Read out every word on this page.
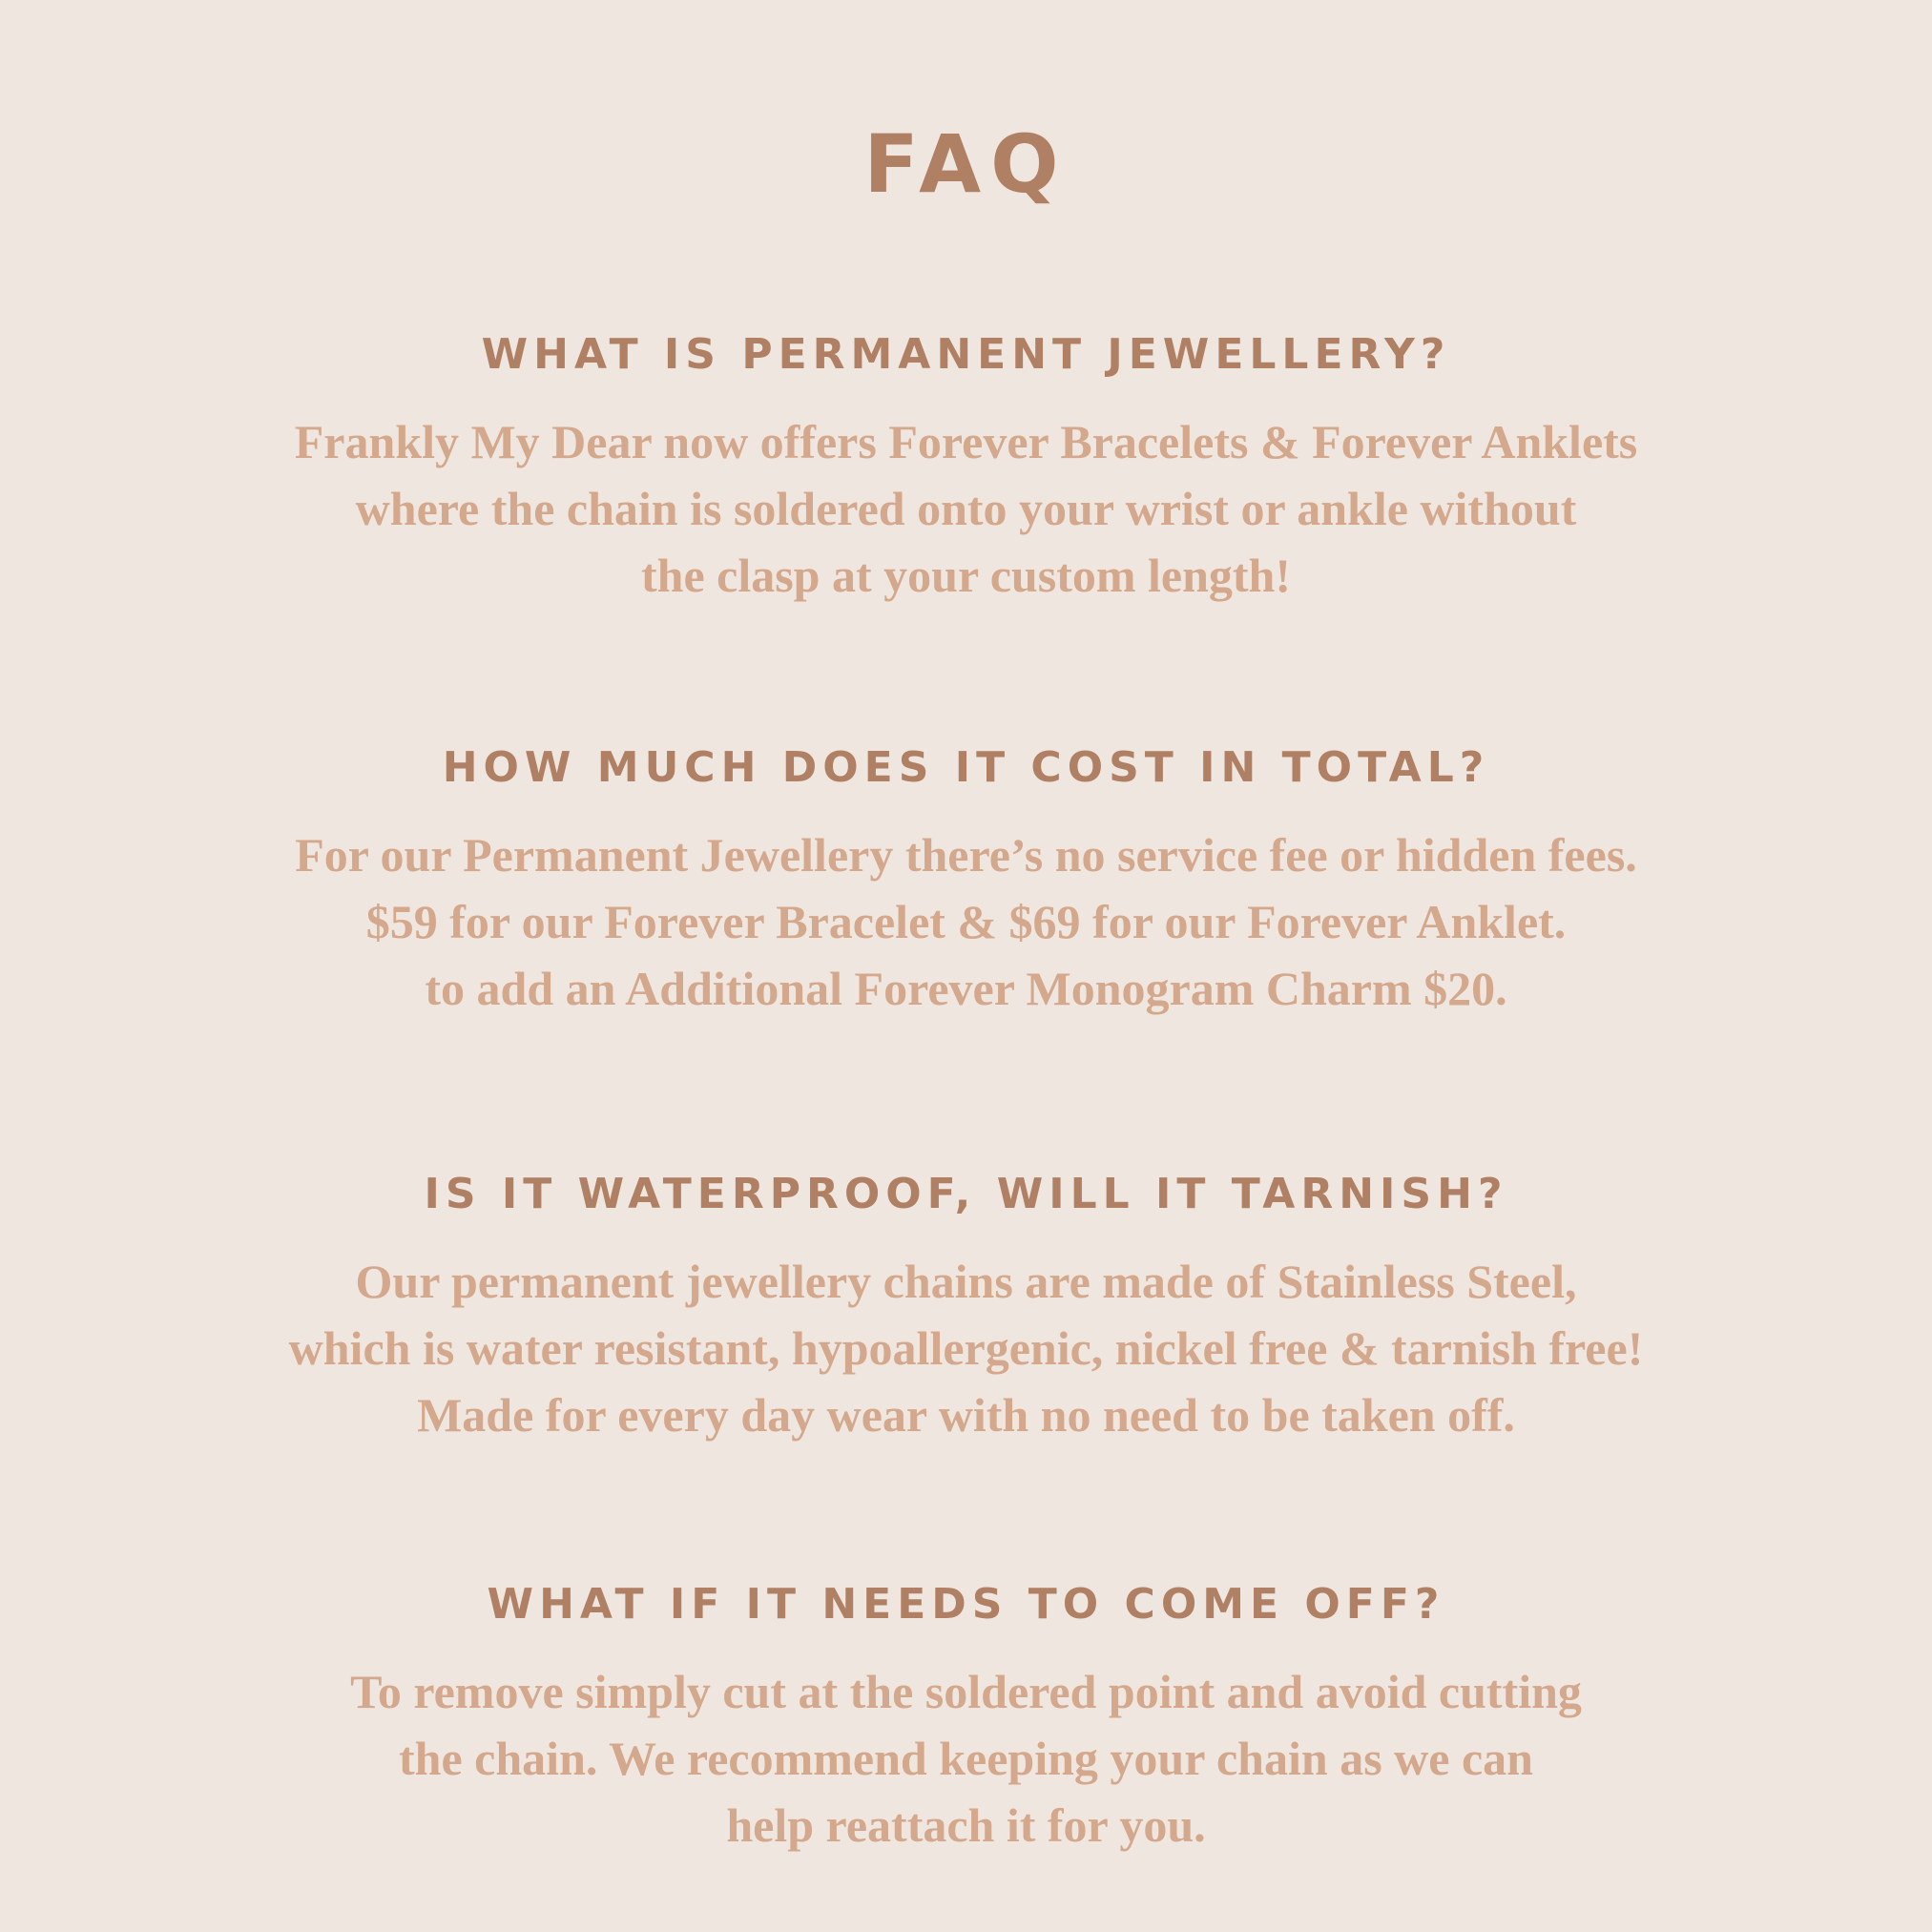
FAQ
WHAT IS PERMANENT JEWELLERY?
Frankly My Dear now offers Forever Bracelets & Forever Anklets
where the chain is soldered onto your wrist or ankle without
the clasp at your custom length!
HOW MUCH DOES IT COST IN TOTAL?
For our Permanent Jewellery there’s no service fee or hidden fees.
$59 for our Forever Bracelet & $69 for our Forever Anklet.
to add an Additional Forever Monogram Charm $20.
IS IT WATERPROOF, WILL IT TARNISH?
Our permanent jewellery chains are made of Stainless Steel,
which is water resistant, hypoallergenic, nickel free & tarnish free!
Made for every day wear with no need to be taken off.
WHAT IF IT NEEDS TO COME OFF?
To remove simply cut at the soldered point and avoid cutting
the chain. We recommend keeping your chain as we can
help reattach it for you.
